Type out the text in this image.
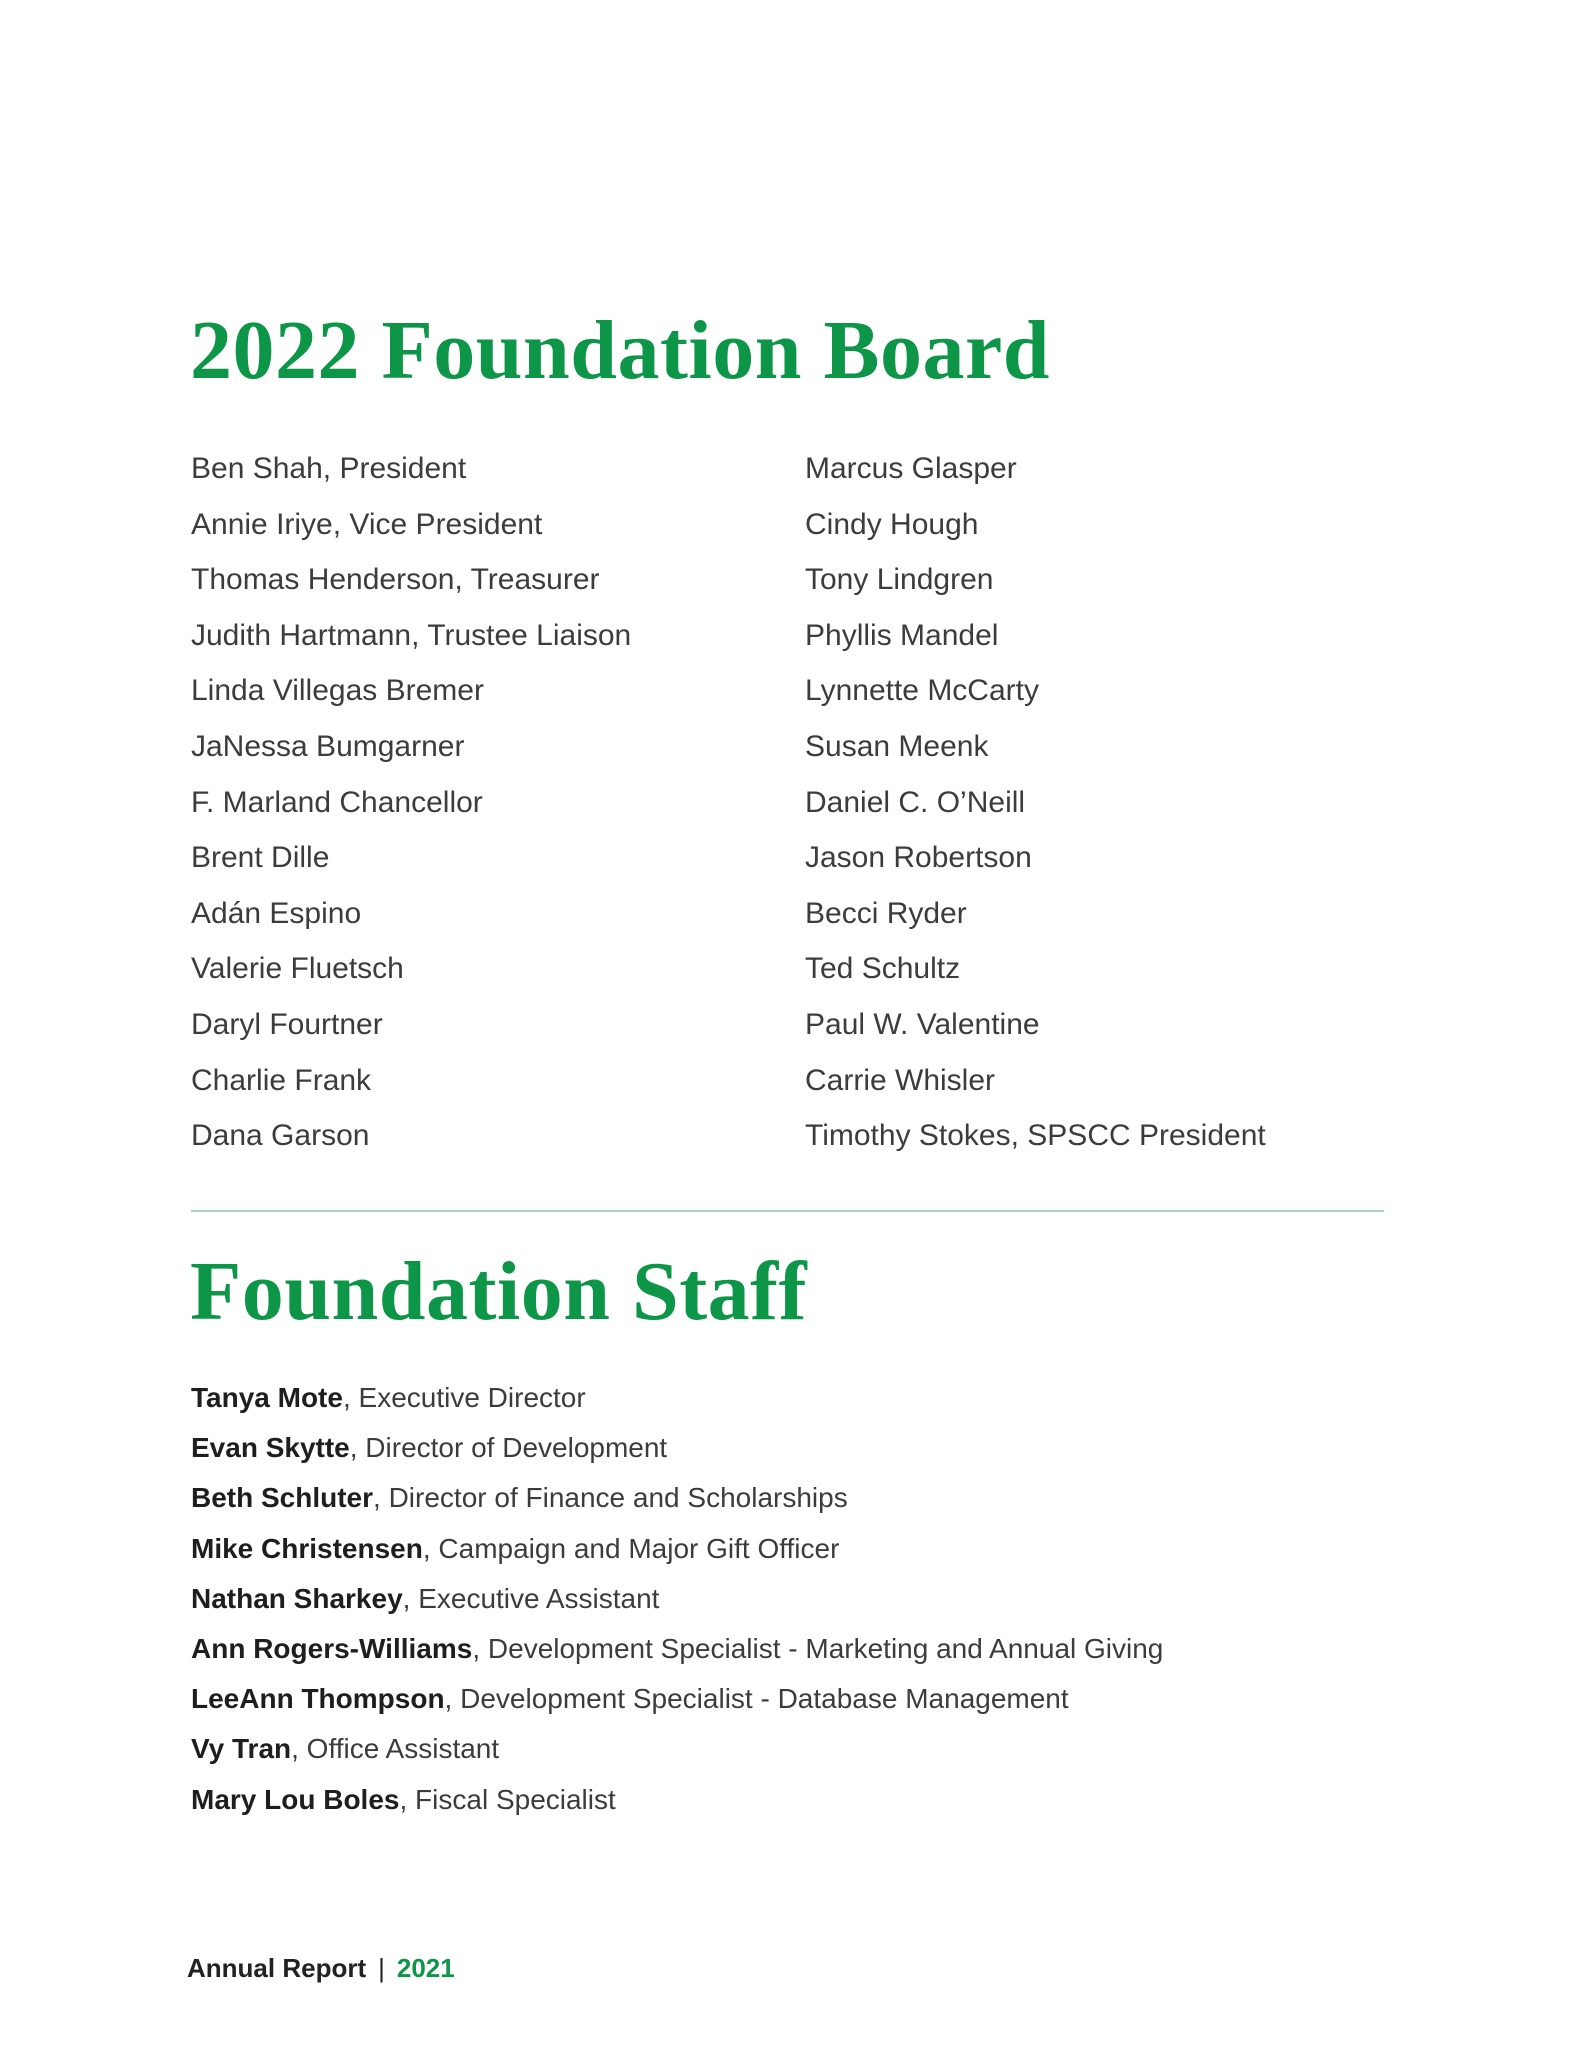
2022 Foundation Board
Ben Shah, President
Annie Iriye, Vice President
Thomas Henderson, Treasurer
Judith Hartmann, Trustee Liaison
Linda Villegas Bremer
JaNessa Bumgarner
F. Marland Chancellor
Brent Dille
Adán Espino
Valerie Fluetsch
Daryl Fourtner
Charlie Frank
Dana Garson
Marcus Glasper
Cindy Hough
Tony Lindgren
Phyllis Mandel
Lynnette McCarty
Susan Meenk
Daniel C. O’Neill
Jason Robertson
Becci Ryder
Ted Schultz
Paul W. Valentine
Carrie Whisler
Timothy Stokes, SPSCC President
Foundation Staff
Tanya Mote, Executive Director
Evan Skytte, Director of Development
Beth Schluter, Director of Finance and Scholarships
Mike Christensen, Campaign and Major Gift Officer
Nathan Sharkey, Executive Assistant
Ann Rogers-Williams, Development Specialist - Marketing and Annual Giving
LeeAnn Thompson, Development Specialist - Database Management
Vy Tran, Office Assistant
Mary Lou Boles, Fiscal Specialist
Annual Report | 2021
